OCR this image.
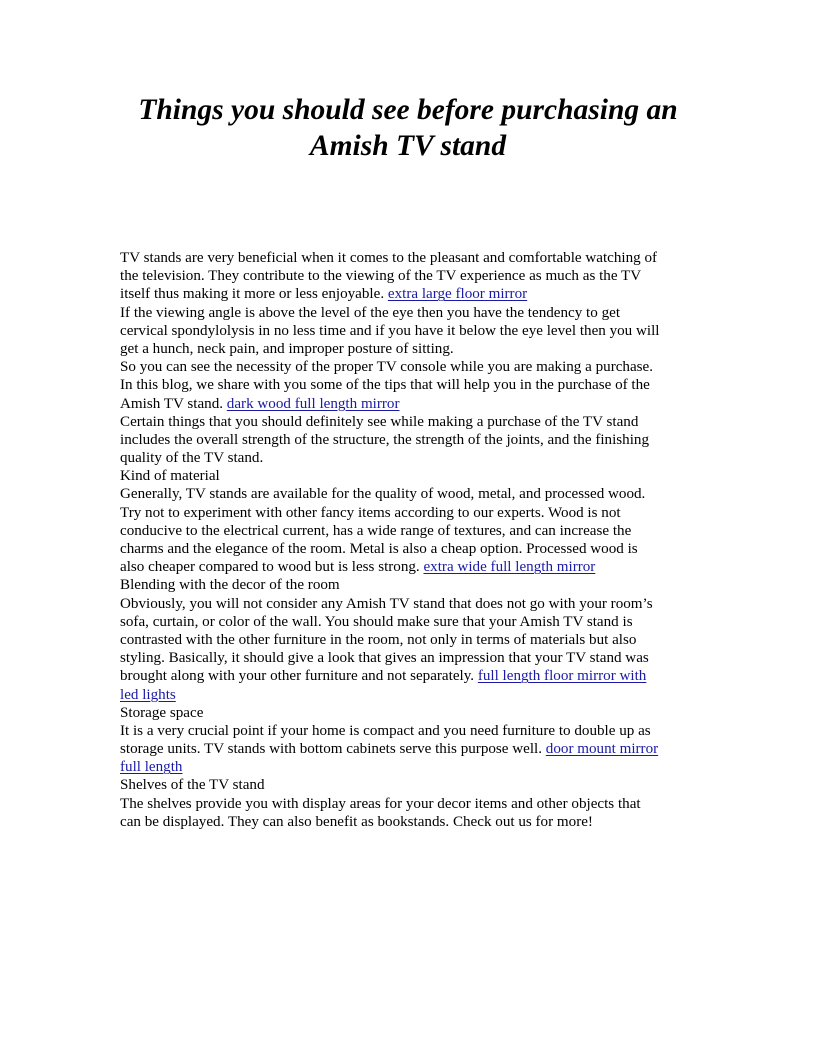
Things you should see before purchasing an
Amish TV stand
TV stands are very beneficial when it comes to the pleasant and comfortable watching of
the television. They contribute to the viewing of the TV experience as much as the TV
itself thus making it more or less enjoyable. extra large floor mirror
If the viewing angle is above the level of the eye then you have the tendency to get
cervical spondylolysis in no less time and if you have it below the eye level then you will
get a hunch, neck pain, and improper posture of sitting.
So you can see the necessity of the proper TV console while you are making a purchase.
In this blog, we share with you some of the tips that will help you in the purchase of the
Amish TV stand. dark wood full length mirror
Certain things that you should definitely see while making a purchase of the TV stand
includes the overall strength of the structure, the strength of the joints, and the finishing
quality of the TV stand.
Kind of material
Generally, TV stands are available for the quality of wood, metal, and processed wood.
Try not to experiment with other fancy items according to our experts. Wood is not
conducive to the electrical current, has a wide range of textures, and can increase the
charms and the elegance of the room. Metal is also a cheap option. Processed wood is
also cheaper compared to wood but is less strong. extra wide full length mirror
Blending with the decor of the room
Obviously, you will not consider any Amish TV stand that does not go with your room’s
sofa, curtain, or color of the wall. You should make sure that your Amish TV stand is
contrasted with the other furniture in the room, not only in terms of materials but also
styling. Basically, it should give a look that gives an impression that your TV stand was
brought along with your other furniture and not separately. full length floor mirror with
led lights
Storage space
It is a very crucial point if your home is compact and you need furniture to double up as
storage units. TV stands with bottom cabinets serve this purpose well. door mount mirror
full length
Shelves of the TV stand
The shelves provide you with display areas for your decor items and other objects that
can be displayed. They can also benefit as bookstands. Check out us for more!
